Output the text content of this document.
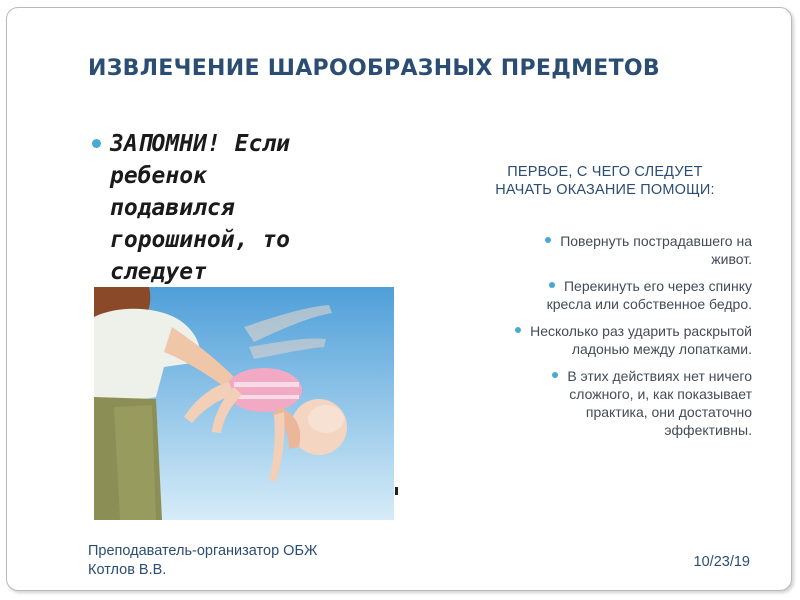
ИЗВЛЕЧЕНИЕ ШАРООБРАЗНЫХ ПРЕДМЕТОВ
ЗАПОМНИ! Если
ребенок
подавился
горошиной, то
следует
ПЕРВОЕ, С ЧЕГО СЛЕДУЕТ
НАЧАТЬ ОКАЗАНИЕ ПОМОЩИ:
Повернуть пострадавшего на
живот.
Перекинуть его через спинку
кресла или собственное бедро.
Несколько раз ударить раскрытой
ладонью между лопатками.
В этих действиях нет ничего
сложного, и, как показывает
практика, они достаточно
эффективны.
Преподаватель-организатор ОБЖ
Котлов В.В.	10/23/19
